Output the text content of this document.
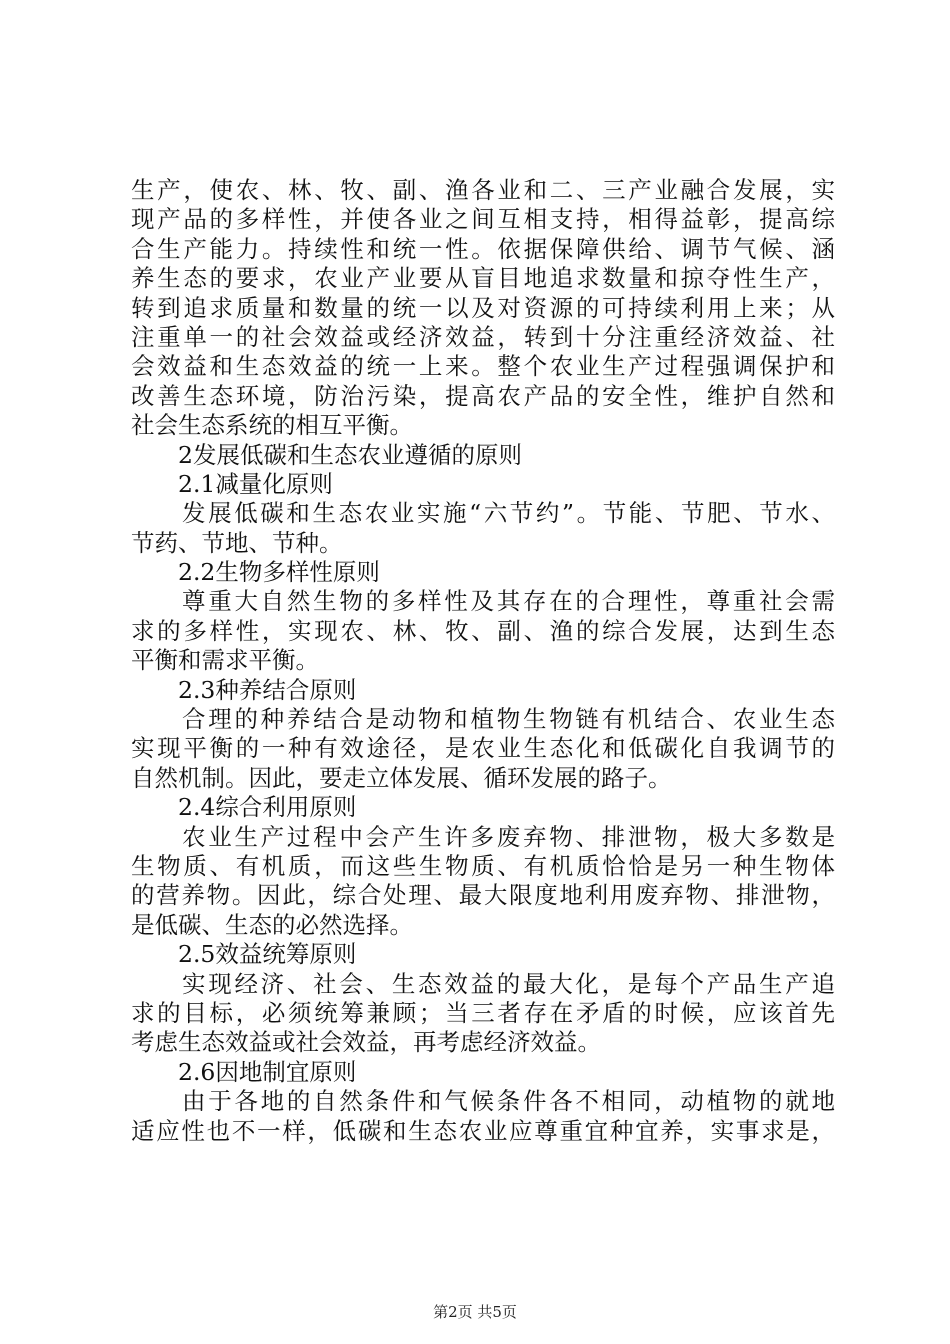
生产，使农、林、牧、副、渔各业和二、三产业融合发展，实
现产品的多样性，并使各业之间互相支持，相得益彰，提高综
合生产能力。持续性和统一性。依据保障供给、调节气候、涵
养生态的要求，农业产业要从盲目地追求数量和掠夺性生产，
转到追求质量和数量的统一以及对资源的可持续利用上来；从
注重单一的社会效益或经济效益，转到十分注重经济效益、社
会效益和生态效益的统一上来。整个农业生产过程强调保护和
改善生态环境，防治污染，提高农产品的安全性，维护自然和
社会生态系统的相互平衡。
2发展低碳和生态农业遵循的原则
2.1减量化原则
发展低碳和生态农业实施“六节约”。节能、节肥、节水、
节药、节地、节种。
2.2生物多样性原则
尊重大自然生物的多样性及其存在的合理性，尊重社会需
求的多样性，实现农、林、牧、副、渔的综合发展，达到生态
平衡和需求平衡。
2.3种养结合原则
合理的种养结合是动物和植物生物链有机结合、农业生态
实现平衡的一种有效途径，是农业生态化和低碳化自我调节的
自然机制。因此，要走立体发展、循环发展的路子。
2.4综合利用原则
农业生产过程中会产生许多废弃物、排泄物，极大多数是
生物质、有机质，而这些生物质、有机质恰恰是另一种生物体
的营养物。因此，综合处理、最大限度地利用废弃物、排泄物，
是低碳、生态的必然选择。
2.5效益统筹原则
实现经济、社会、生态效益的最大化，是每个产品生产追
求的目标，必须统筹兼顾；当三者存在矛盾的时候，应该首先
考虑生态效益或社会效益，再考虑经济效益。
2.6因地制宜原则
由于各地的自然条件和气候条件各不相同，动植物的就地
适应性也不一样，低碳和生态农业应尊重宜种宜养，实事求是，
第2页 共5页
